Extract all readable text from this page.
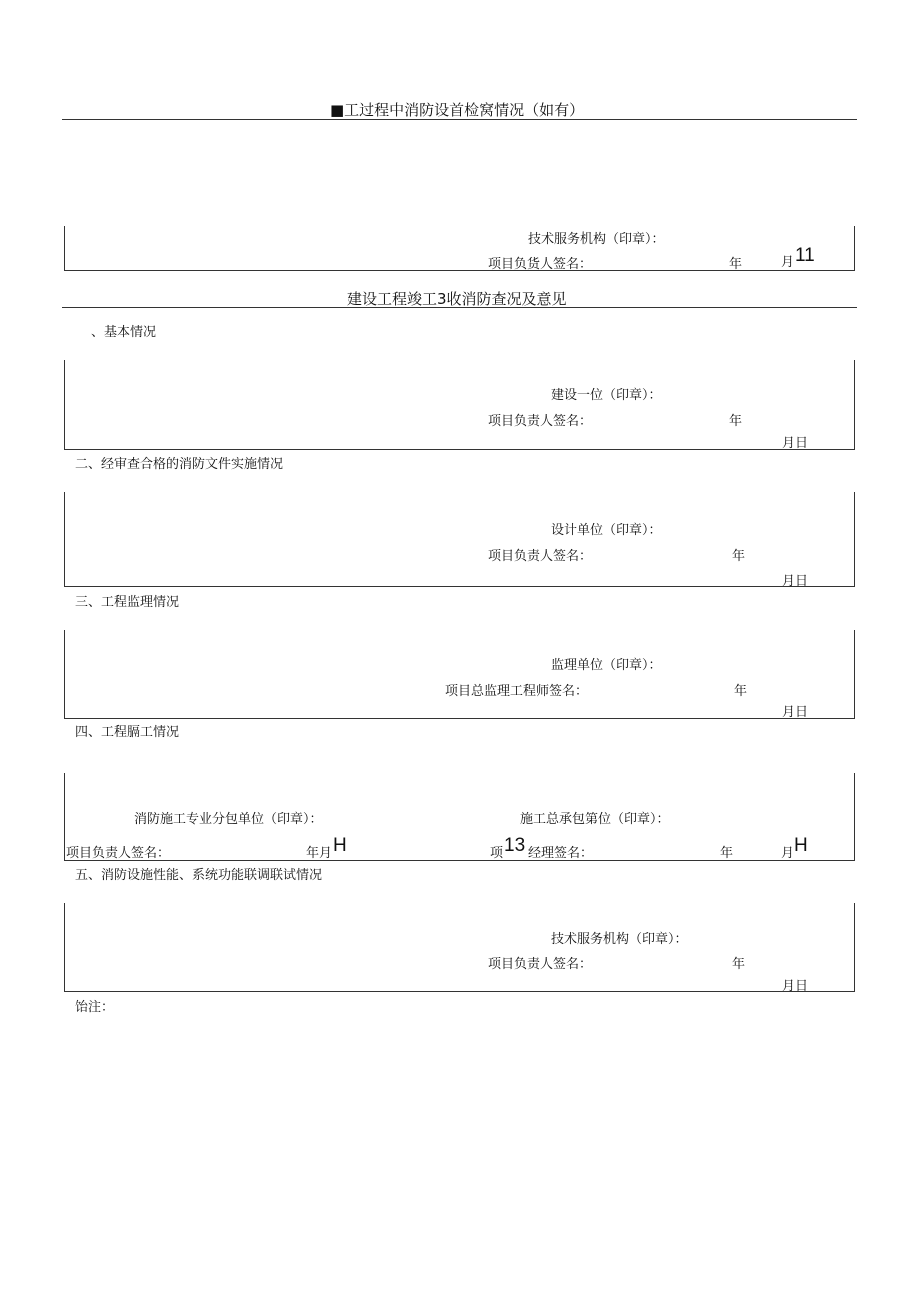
■工过程中消防设首检窝情况（如有）
技术服务机构（印章）：
项目负货人签名：	年	月 11
建设工程竣工3收消防查况及意见
、基本情况
建设一位（印章）：
项目负责人签名：	年
月日
二、经审查合格的消防文件实施情况
设计单位（印章）：
项目负责人签名：	年
月日
三、工程监理情况
监理单位（印章）：
项目总监理工程师签名：	年
月日
四、工程膈工情况
消防施工专业分包单位（印章）：	施工总承包第位（印章）：
项目负责人签名：	年月 H	项 13 经理签名：	年	月 H
五、消防设施性能、系统功能联调联试情况
技术服务机构（印章）：
项目负责人签名：	年
月日
饴注：
